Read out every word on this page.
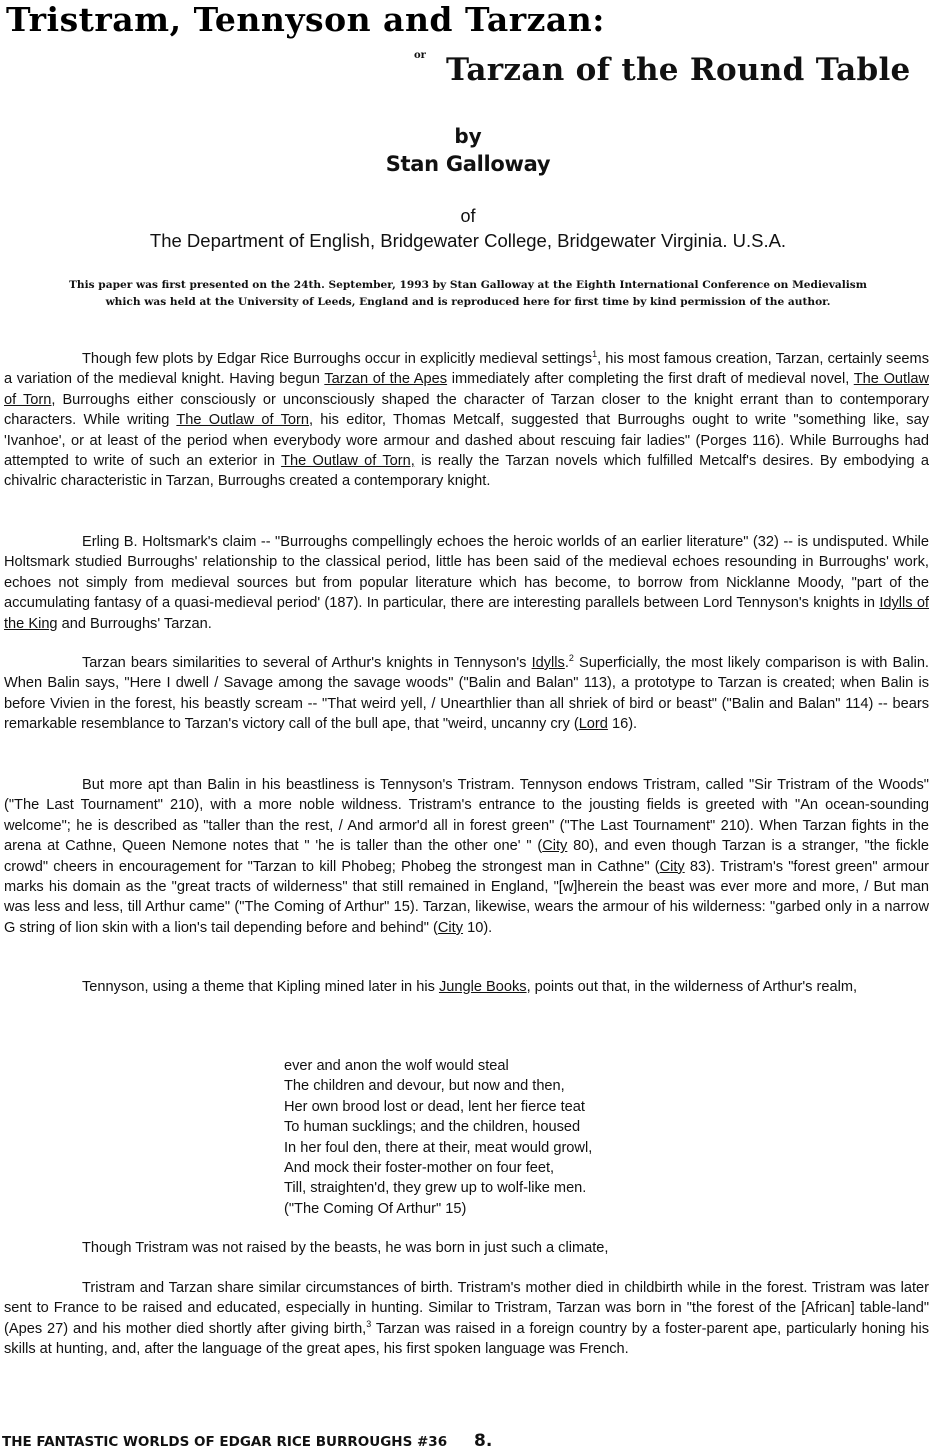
Tristram, Tennyson and Tarzan:
or Tarzan of the Round Table
by
Stan Galloway
of
The Department of English, Bridgewater College, Bridgewater Virginia. U.S.A.
This paper was first presented on the 24th. September, 1993 by Stan Galloway at the Eighth International Conference on Medievalism
which was held at the University of Leeds, England and is reproduced here for first time by kind permission of the author.

Though few plots by Edgar Rice Burroughs occur in explicitly medieval settings$^1$, his most famous creation, Tarzan, certainly seems a variation of the medieval knight. Having begun Tarzan of the Apes immediately after completing the first draft of medieval novel, The Outlaw of Torn, Burroughs either consciously or unconsciously shaped the character of Tarzan closer to the knight errant than to contemporary characters. While writing The Outlaw of Torn, his editor, Thomas Metcalf, suggested that Burroughs ought to write "something like, say 'Ivanhoe', or at least of the period when everybody wore armour and dashed about rescuing fair ladies" (Porges 116). While Burroughs had attempted to write of such an exterior in The Outlaw of Torn, is really the Tarzan novels which fulfilled Metcalf's desires. By embodying a chivalric characteristic in Tarzan, Burroughs created a contemporary knight.

Erling B. Holtsmark's claim -- "Burroughs compellingly echoes the heroic worlds of an earlier literature" (32) -- is undisputed. While Holtsmark studied Burroughs' relationship to the classical period, little has been said of the medieval echoes resounding in Burroughs' work, echoes not simply from medieval sources but from popular literature which has become, to borrow from Nicklanne Moody, "part of the accumulating fantasy of a quasi-medieval period' (187). In particular, there are interesting parallels between Lord Tennyson's knights in Idylls of the King and Burroughs' Tarzan.

Tarzan bears similarities to several of Arthur's knights in Tennyson's Idylls.$^2$ Superficially, the most likely comparison is with Balin. When Balin says, "Here I dwell / Savage among the savage woods" ("Balin and Balan" 113), a prototype to Tarzan is created; when Balin is before Vivien in the forest, his beastly scream -- "That weird yell, / Unearthlier than all shriek of bird or beast" ("Balin and Balan" 114) -- bears remarkable resemblance to Tarzan's victory call of the bull ape, that "weird, uncanny cry (Lord 16).

But more apt than Balin in his beastliness is Tennyson's Tristram. Tennyson endows Tristram, called "Sir Tristram of the Woods" ("The Last Tournament" 210), with a more noble wildness. Tristram's entrance to the jousting fields is greeted with "An ocean-sounding welcome"; he is described as "taller than the rest, / And armor'd all in forest green" ("The Last Tournament" 210). When Tarzan fights in the arena at Cathne, Queen Nemone notes that " 'he is taller than the other one' " (City 80), and even though Tarzan is a stranger, "the fickle crowd" cheers in encouragement for "Tarzan to kill Phobeg; Phobeg the strongest man in Cathne" (City 83). Tristram's "forest green" armour marks his domain as the "great tracts of wilderness" that still remained in England, "[w]herein the beast was ever more and more, / But man was less and less, till Arthur came" ("The Coming of Arthur" 15). Tarzan, likewise, wears the armour of his wilderness: "garbed only in a narrow G string of lion skin with a lion's tail depending before and behind" (City 10).

Tennyson, using a theme that Kipling mined later in his Jungle Books, points out that, in the wilderness of Arthur's realm,

ever and anon the wolf would steal
The children and devour, but now and then,
Her own brood lost or dead, lent her fierce teat
To human sucklings; and the children, housed
In her foul den, there at their, meat would growl,
And mock their foster-mother on four feet,
Till, straighten'd, they grew up to wolf-like men.
("The Coming Of Arthur" 15)

Though Tristram was not raised by the beasts, he was born in just such a climate,

Tristram and Tarzan share similar circumstances of birth. Tristram's mother died in childbirth while in the forest. Tristram was later sent to France to be raised and educated, especially in hunting. Similar to Tristram, Tarzan was born in "the forest of the [African] table-land" (Apes 27) and his mother died shortly after giving birth,$^3$ Tarzan was raised in a foreign country by a foster-parent ape, particularly honing his skills at hunting, and, after the language of the great apes, his first spoken language was French.

THE FANTASTIC WORLDS OF EDGAR RICE BURROUGHS #36 8.
